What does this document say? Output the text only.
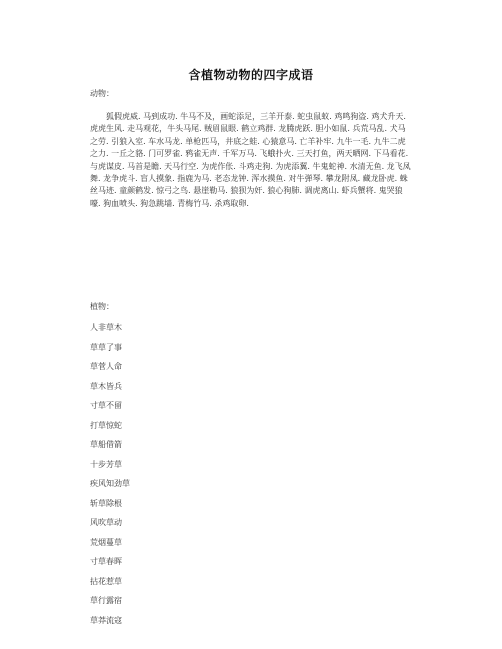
含植物动物的四字成语
动物：
狐假虎威. 马到成功. 牛马不及，画蛇添足，三羊开泰. 蛇虫鼠蚁. 鸡鸣狗盗. 鸡犬升天. 虎虎生风. 走马观花，牛头马尾. 贼眉鼠眼. 鹤立鸡群. 龙腾虎跃. 胆小如鼠. 兵荒马乱. 犬马之劳. 引狼入室. 车水马龙. 单枪匹马，井底之蛙. 心猿意马. 亡羊补牢. 九牛一毛. 九牛二虎之力. 一丘之貉. 门可罗雀. 鸦雀无声. 千军万马. 飞蛾扑火. 三天打鱼，两天晒网. 下马看花. 与虎谋皮. 马首是瞻. 天马行空. 为虎作伥. 斗鸡走狗. 为虎添翼. 牛鬼蛇神. 水清无鱼. 龙飞凤舞. 龙争虎斗. 盲人摸象. 指鹿为马. 老态龙钟. 浑水摸鱼. 对牛弹琴. 攀龙附凤. 藏龙卧虎. 蛛丝马迹. 童颜鹤发. 惊弓之鸟. 悬崖勒马. 狼狈为奸. 狼心狗肺. 调虎离山. 虾兵蟹将. 鬼哭狼嚎. 狗血喷头. 狗急跳墙. 青梅竹马. 杀鸡取卵.
植物：
人非草木
草草了事
草菅人命
草木皆兵
寸草不留
打草惊蛇
草船借箭
十步芳草
疾风知劲草
斩草除根
风吹草动
荒烟蔓草
寸草春晖
拈花惹草
草行露宿
草莽流寇
